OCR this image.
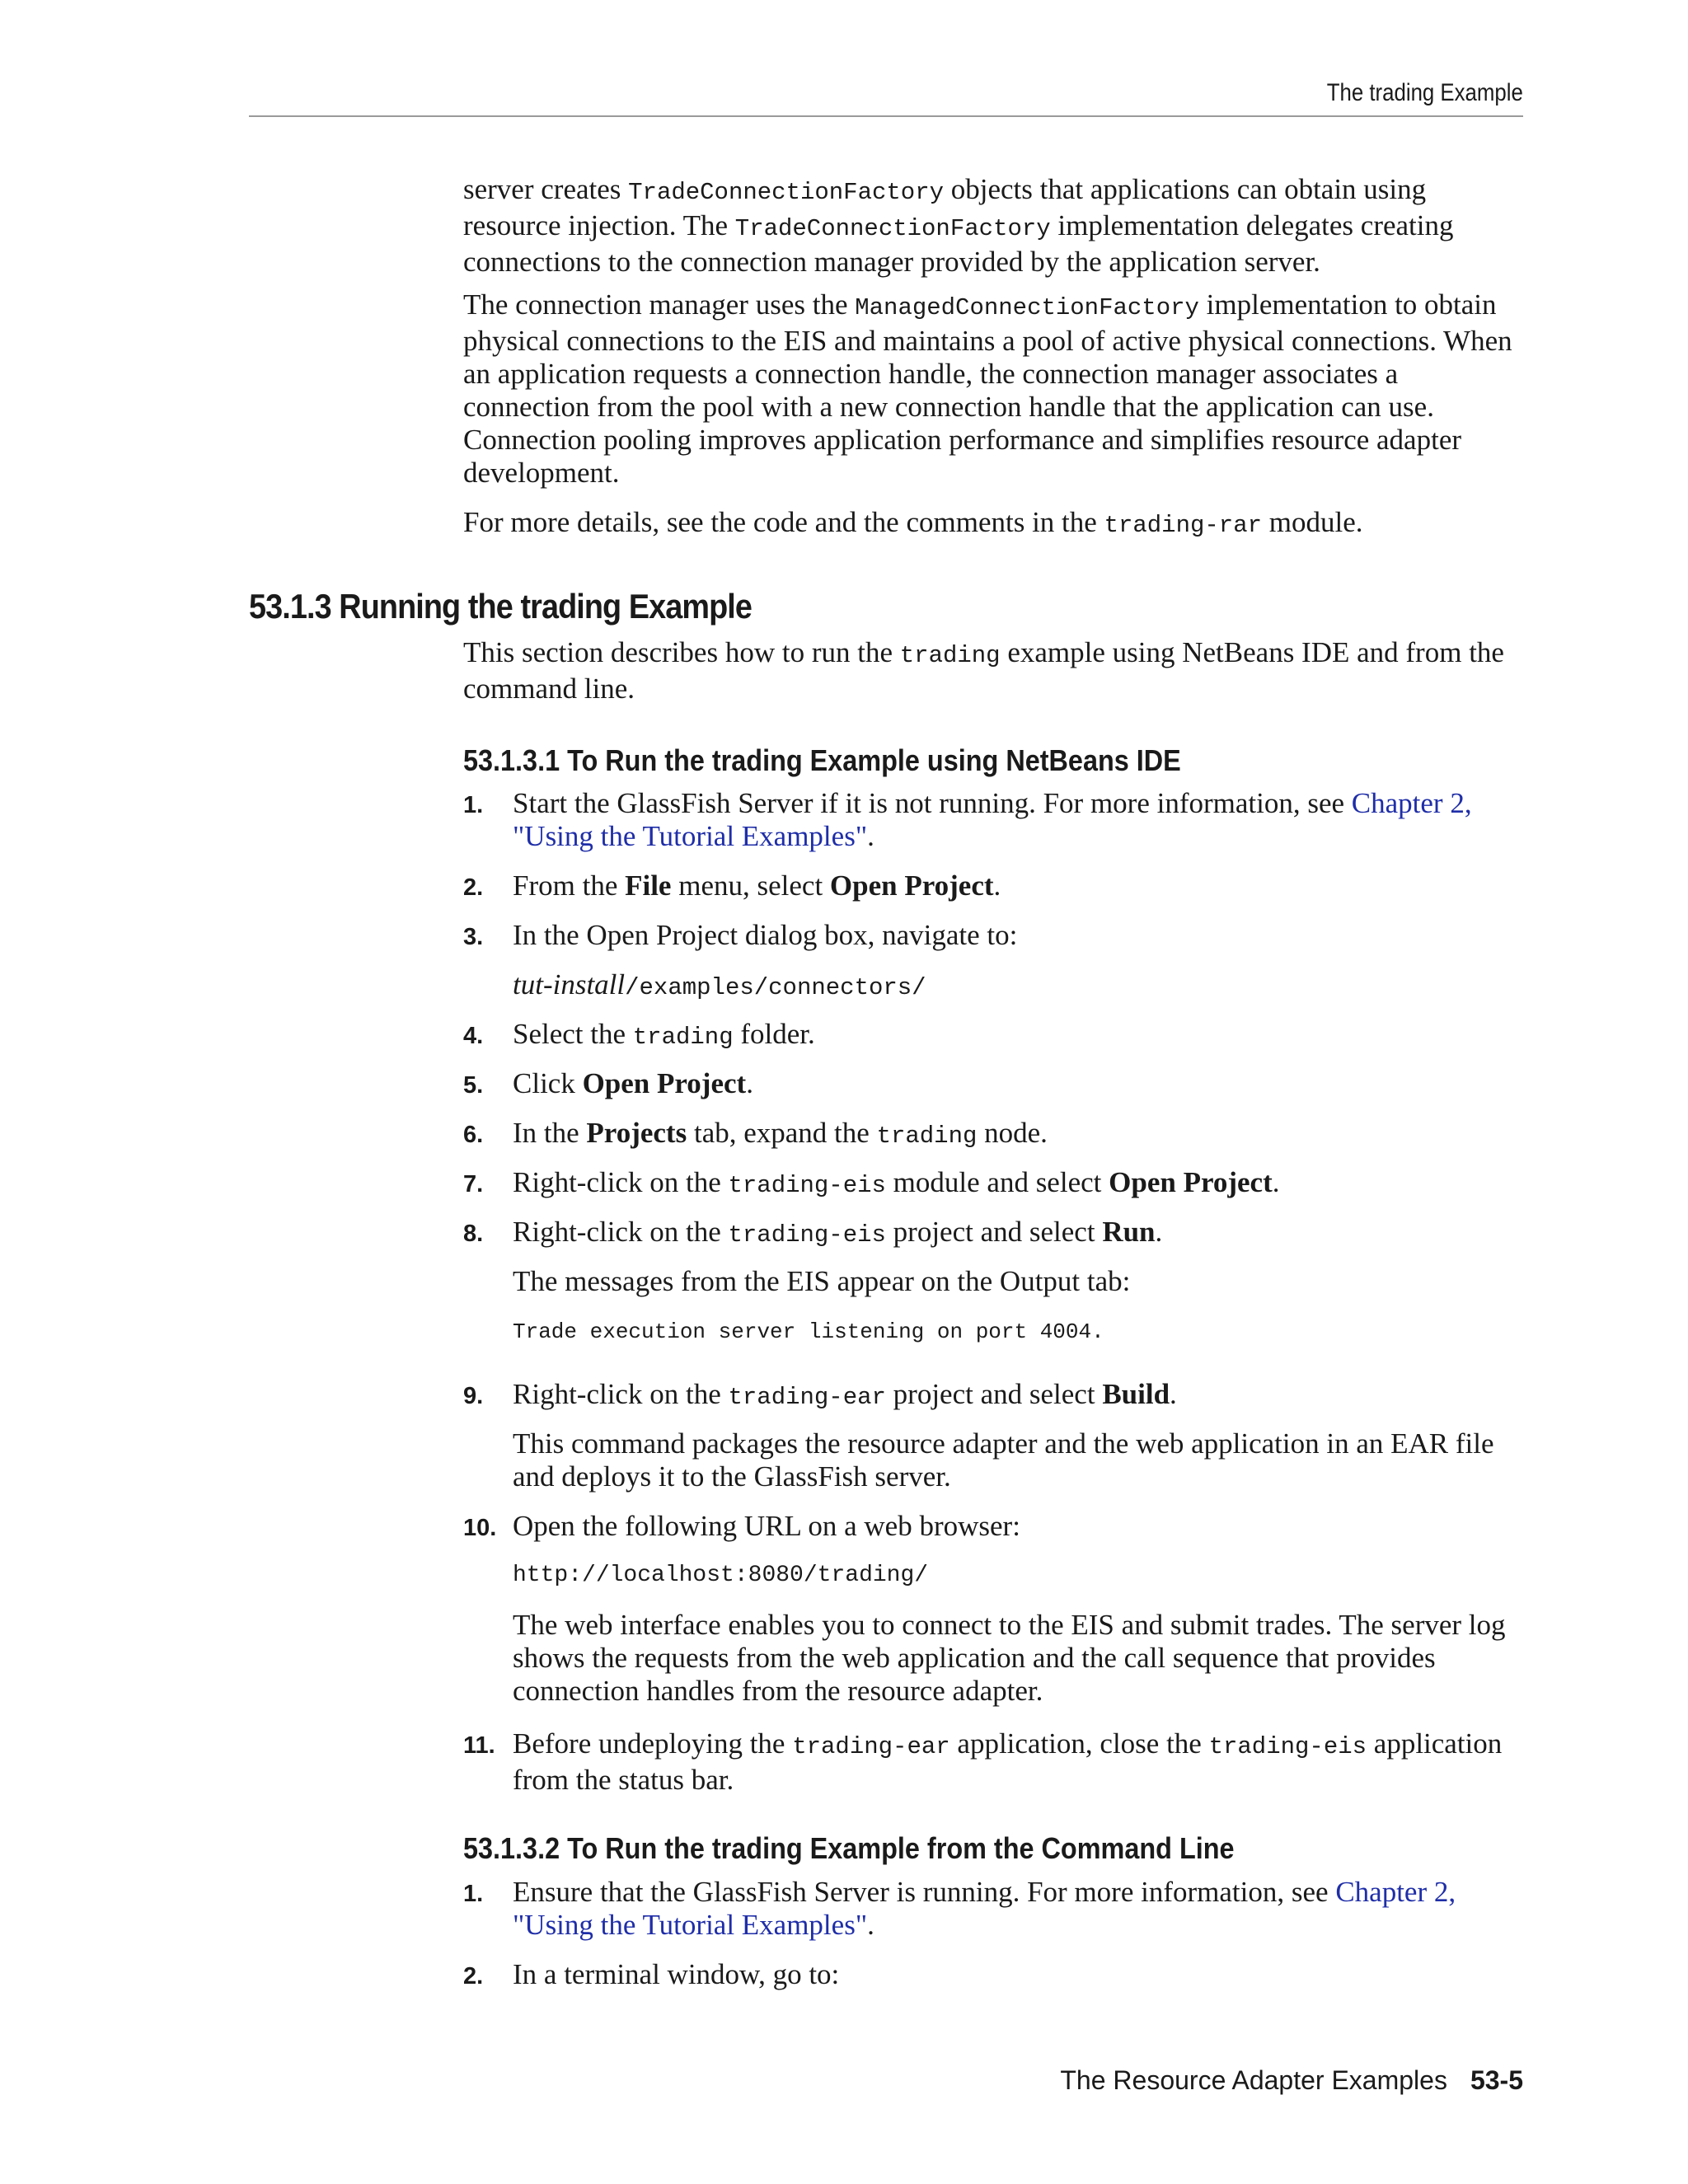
The trading Example
server creates TradeConnectionFactory objects that applications can obtain using resource injection. The TradeConnectionFactory implementation delegates creating connections to the connection manager provided by the application server.
The connection manager uses the ManagedConnectionFactory implementation to obtain physical connections to the EIS and maintains a pool of active physical connections. When an application requests a connection handle, the connection manager associates a connection from the pool with a new connection handle that the application can use. Connection pooling improves application performance and simplifies resource adapter development.
For more details, see the code and the comments in the trading-rar module.
53.1.3 Running the trading Example
This section describes how to run the trading example using NetBeans IDE and from the command line.
53.1.3.1 To Run the trading Example using NetBeans IDE
1. Start the GlassFish Server if it is not running. For more information, see Chapter 2, "Using the Tutorial Examples".
2. From the File menu, select Open Project.
3. In the Open Project dialog box, navigate to:
tut-install/examples/connectors/
4. Select the trading folder.
5. Click Open Project.
6. In the Projects tab, expand the trading node.
7. Right-click on the trading-eis module and select Open Project.
8. Right-click on the trading-eis project and select Run.
The messages from the EIS appear on the Output tab:
Trade execution server listening on port 4004.
9. Right-click on the trading-ear project and select Build.
This command packages the resource adapter and the web application in an EAR file and deploys it to the GlassFish server.
10. Open the following URL on a web browser:
http://localhost:8080/trading/
The web interface enables you to connect to the EIS and submit trades. The server log shows the requests from the web application and the call sequence that provides connection handles from the resource adapter.
11. Before undeploying the trading-ear application, close the trading-eis application from the status bar.
53.1.3.2 To Run the trading Example from the Command Line
1. Ensure that the GlassFish Server is running. For more information, see Chapter 2, "Using the Tutorial Examples".
2. In a terminal window, go to:
The Resource Adapter Examples 53-5
